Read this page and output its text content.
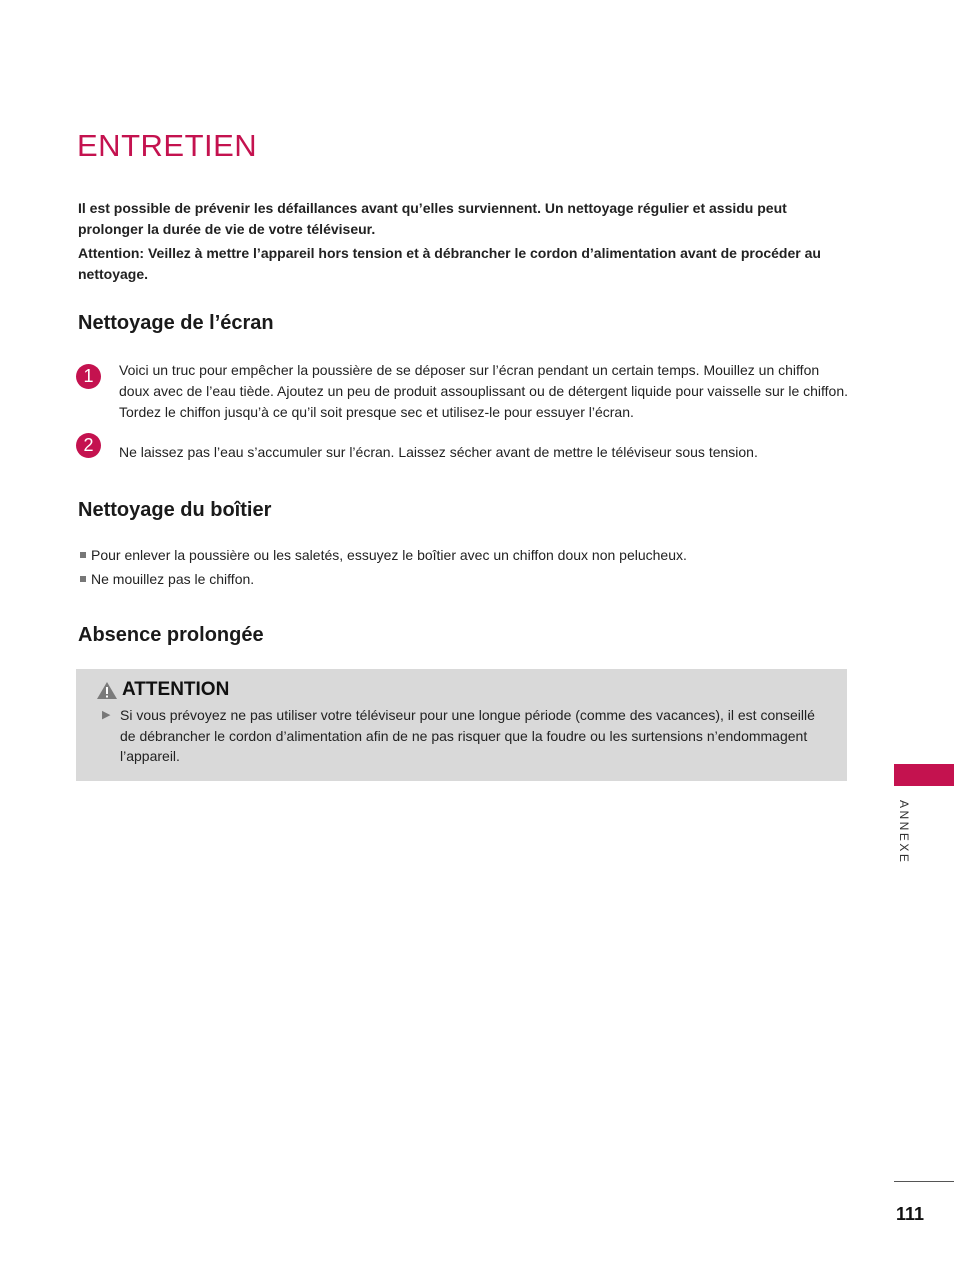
ENTRETIEN

Il est possible de prévenir les défaillances avant qu’elles surviennent. Un nettoyage régulier et assidu peut prolonger la durée de vie de votre téléviseur.

Attention: Veillez à mettre l’appareil hors tension et à débrancher le cordon d’alimentation avant de procéder au nettoyage.

Nettoyage de l’écran
1	Voici un truc pour empêcher la poussière de se déposer sur l’écran pendant un certain temps. Mouillez un chiffon doux avec de l’eau tiède. Ajoutez un peu de produit assouplissant ou de détergent liquide pour vaisselle sur le chiffon. Tordez le chiffon jusqu’à ce qu’il soit presque sec et utilisez-le pour essuyer l’écran.

2	Ne laissez pas l’eau s’accumuler sur l’écran. Laissez sécher avant de mettre le téléviseur sous tension.

Nettoyage du boîtier
Pour enlever la poussière ou les saletés, essuyez le boîtier avec un chiffon doux non pelucheux.
Ne mouillez pas le chiffon.
Absence prolongée
ATTENTION
▶ Si vous prévoyez ne pas utiliser votre téléviseur pour une longue période (comme des vacances), il est conseillé de débrancher le cordon d’alimentation afin de ne pas risquer que la foudre ou les surtensions n’endommagent l’appareil.
ANNEXE
111
